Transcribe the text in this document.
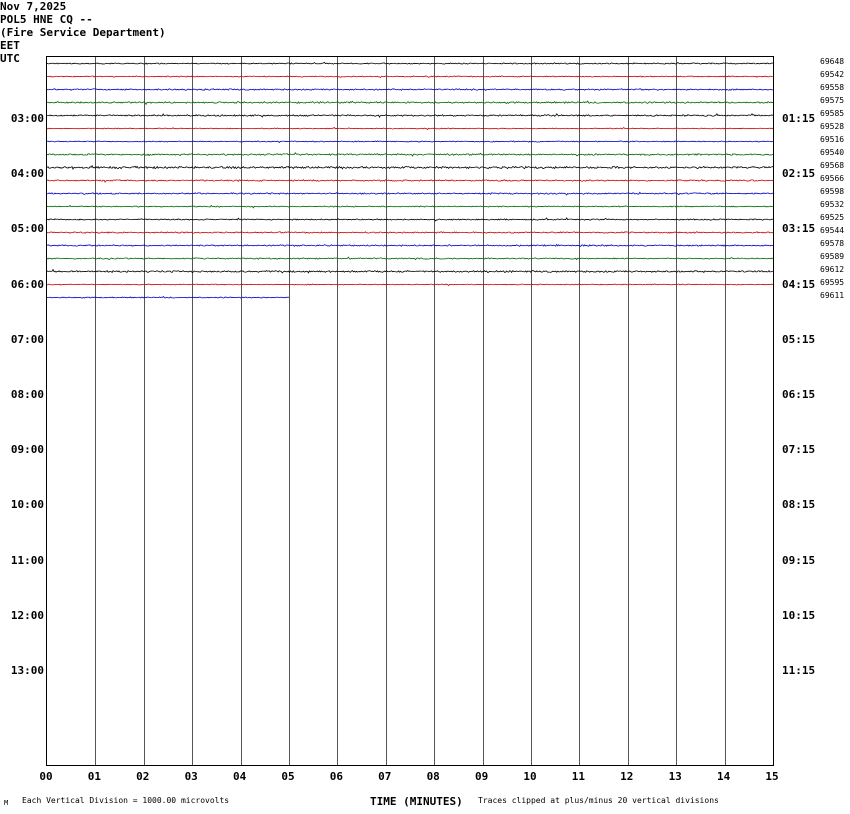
Nov 7,2025
POL5 HNE CQ --
(Fire Service Department)
EET
UTC
03:00
04:00
05:00
06:00
07:00
08:00
09:00
10:00
11:00
12:00
13:00
01:15
02:15
03:15
04:15
05:15
06:15
07:15
08:15
09:15
10:15
11:15
69648
69542
69558
69575
69585
69528
69516
69540
69568
69566
69598
69532
69525
69544
69578
69589
69612
69595
69611
00	01	02	03	04	05	06	07	08	09	10	11	12	13	14	15
TIME (MINUTES)
Each Vertical Division = 1000.00 microvolts	Traces clipped at plus/minus 20 vertical divisions
M
